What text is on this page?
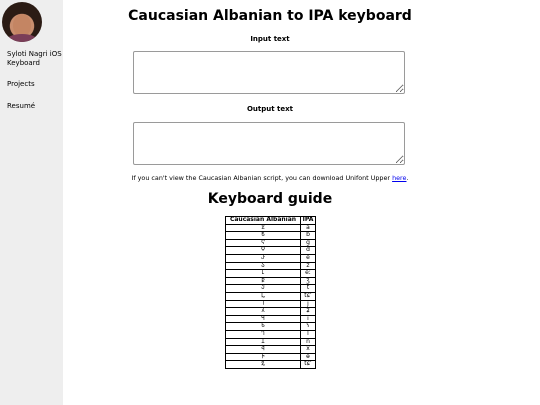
Syloti Nagri iOS Keyboard
Projects
Resumé
Caucasian Albanian to IPA keyboard
Input text
Output text
If you can't view the Caucasian Albanian script, you can download Unifont Upper here.
Keyboard guide
Caucasian Albanian	IPA
𐔰	a
𐔱	b
𐔲	g
𐔳	d
𐔴	e
𐔵	z
𐔶	eː
𐔷	ʒ
𐔸	t
𐔹	tɕʼ
𐔺	j
𐔻	ʑ
𐔼	i
𐔽	ʕ
𐔾	l
𐔿	n
𐕀	x
𐕁	ɵ
𐕂	tɕʼ
